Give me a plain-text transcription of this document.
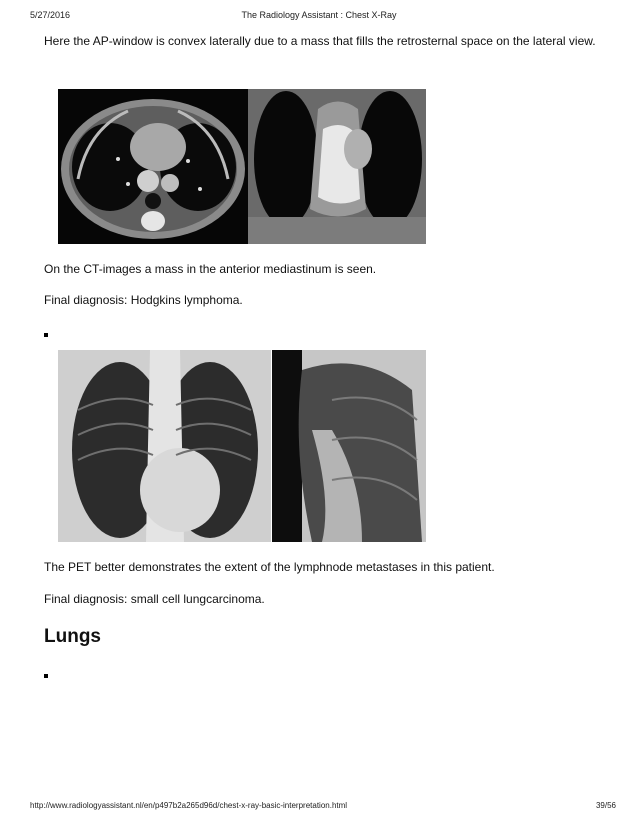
5/27/2016	The Radiology Assistant : Chest X-Ray
Here the AP-window is convex laterally due to a mass that fills the retrosternal space on the lateral view.
On the CT-images a mass in the anterior mediastinum is seen.
Final diagnosis: Hodgkins lymphoma.
The PET better demonstrates the extent of the lymphnode metastases in this patient.
Final diagnosis: small cell lungcarcinoma.
Lungs
http://www.radiologyassistant.nl/en/p497b2a265d96d/chest-x-ray-basic-interpretation.html	39/56
